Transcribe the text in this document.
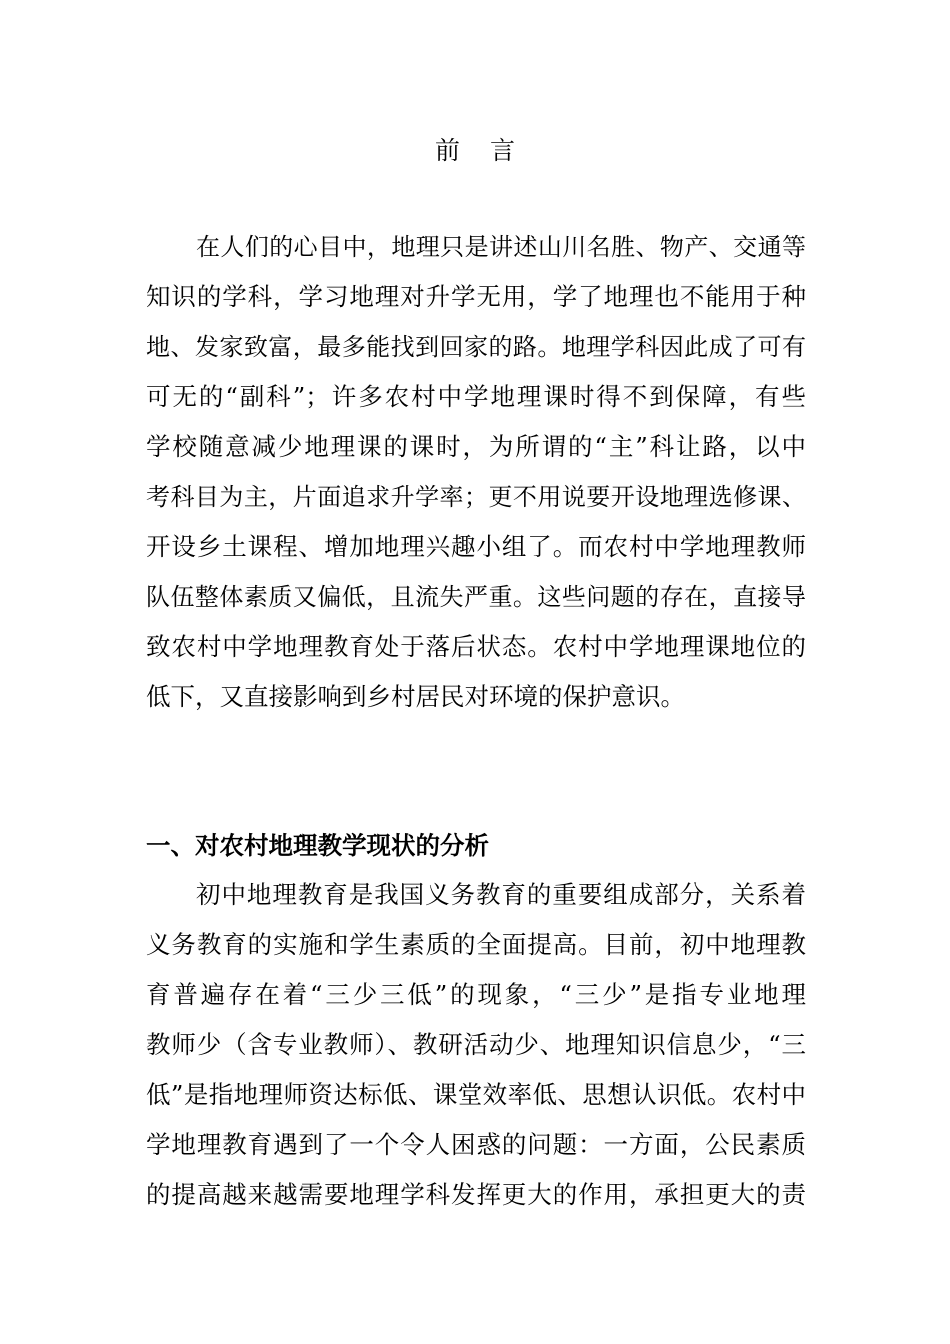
前言
在人们的心目中，地理只是讲述山川名胜、物产、交通等
知识的学科，学习地理对升学无用，学了地理也不能用于种
地、发家致富，最多能找到回家的路。地理学科因此成了可有
可无的“副科”；许多农村中学地理课时得不到保障，有些
学校随意减少地理课的课时，为所谓的“主”科让路，以中
考科目为主，片面追求升学率；更不用说要开设地理选修课、
开设乡土课程、增加地理兴趣小组了。而农村中学地理教师
队伍整体素质又偏低，且流失严重。这些问题的存在，直接导
致农村中学地理教育处于落后状态。农村中学地理课地位的
低下，又直接影响到乡村居民对环境的保护意识。
一、对农村地理教学现状的分析
初中地理教育是我国义务教育的重要组成部分，关系着
义务教育的实施和学生素质的全面提高。目前，初中地理教
育普遍存在着“三少三低”的现象，“三少”是指专业地理
教师少（含专业教师）、教研活动少、地理知识信息少，“三
低”是指地理师资达标低、课堂效率低、思想认识低。农村中
学地理教育遇到了一个令人困惑的问题：一方面，公民素质
的提高越来越需要地理学科发挥更大的作用，承担更大的责
